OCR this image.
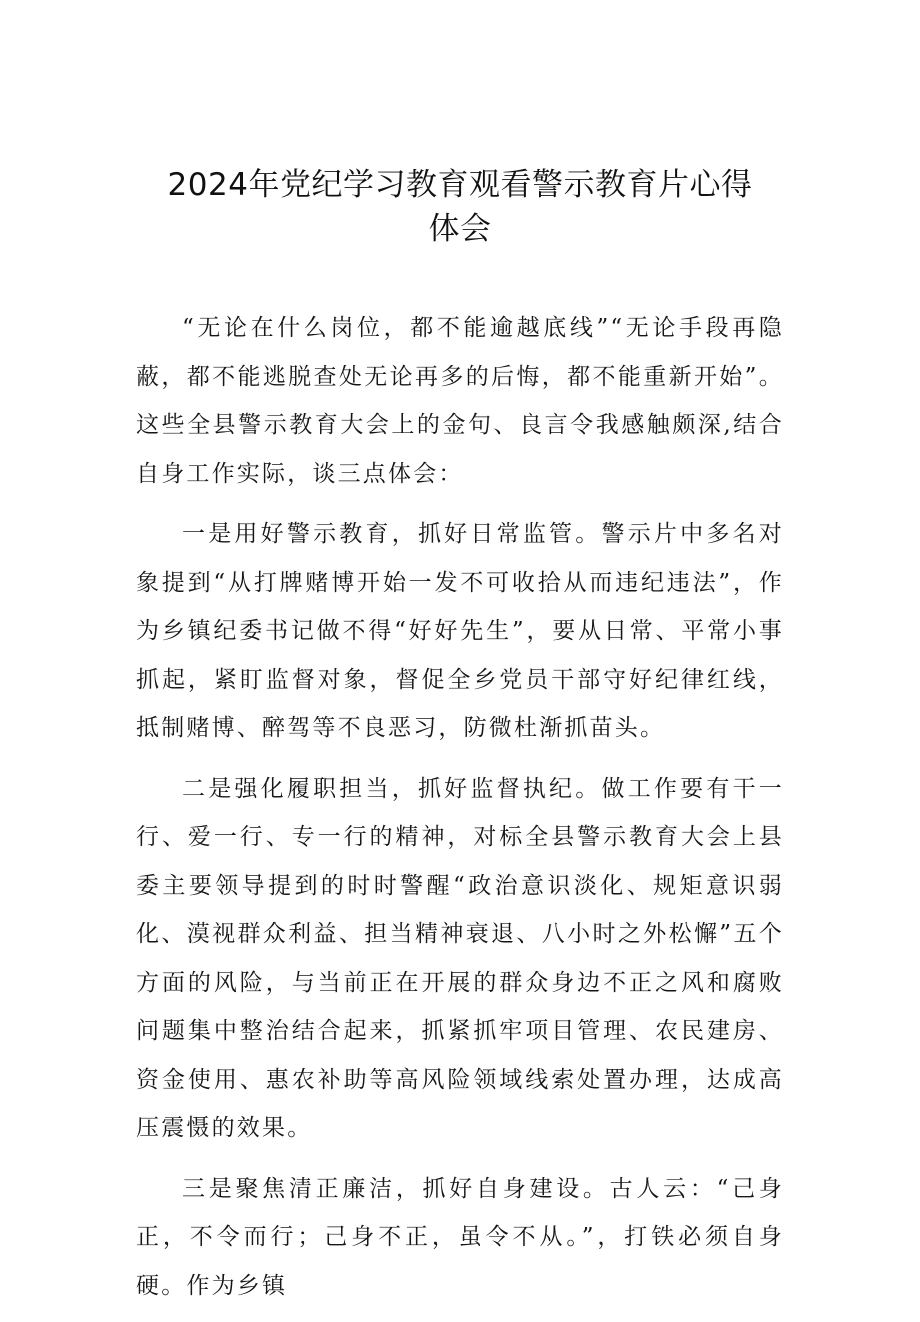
2024年党纪学习教育观看警示教育片心得
体会

“无论在什么岗位，都不能逾越底线”“无论手段再隐蔽，都不能逃脱查处无论再多的后悔，都不能重新开始”。这些全县警示教育大会上的金句、良言令我感触颇深,结合自身工作实际，谈三点体会：

一是用好警示教育，抓好日常监管。警示片中多名对象提到“从打牌赌博开始一发不可收拾从而违纪违法”，作为乡镇纪委书记做不得“好好先生”，要从日常、平常小事抓起，紧盯监督对象，督促全乡党员干部守好纪律红线，抵制赌博、醉驾等不良恶习，防微杜渐抓苗头。

二是强化履职担当，抓好监督执纪。做工作要有干一行、爱一行、专一行的精神，对标全县警示教育大会上县委主要领导提到的时时警醒“政治意识淡化、规矩意识弱化、漠视群众利益、担当精神衰退、八小时之外松懈”五个方面的风险，与当前正在开展的群众身边不正之风和腐败问题集中整治结合起来，抓紧抓牢项目管理、农民建房、资金使用、惠农补助等高风险领域线索处置办理，达成高压震慑的效果。

三是聚焦清正廉洁，抓好自身建设。古人云：“己身正，不令而行；己身不正，虽令不从。”，打铁必须自身硬。作为乡镇
